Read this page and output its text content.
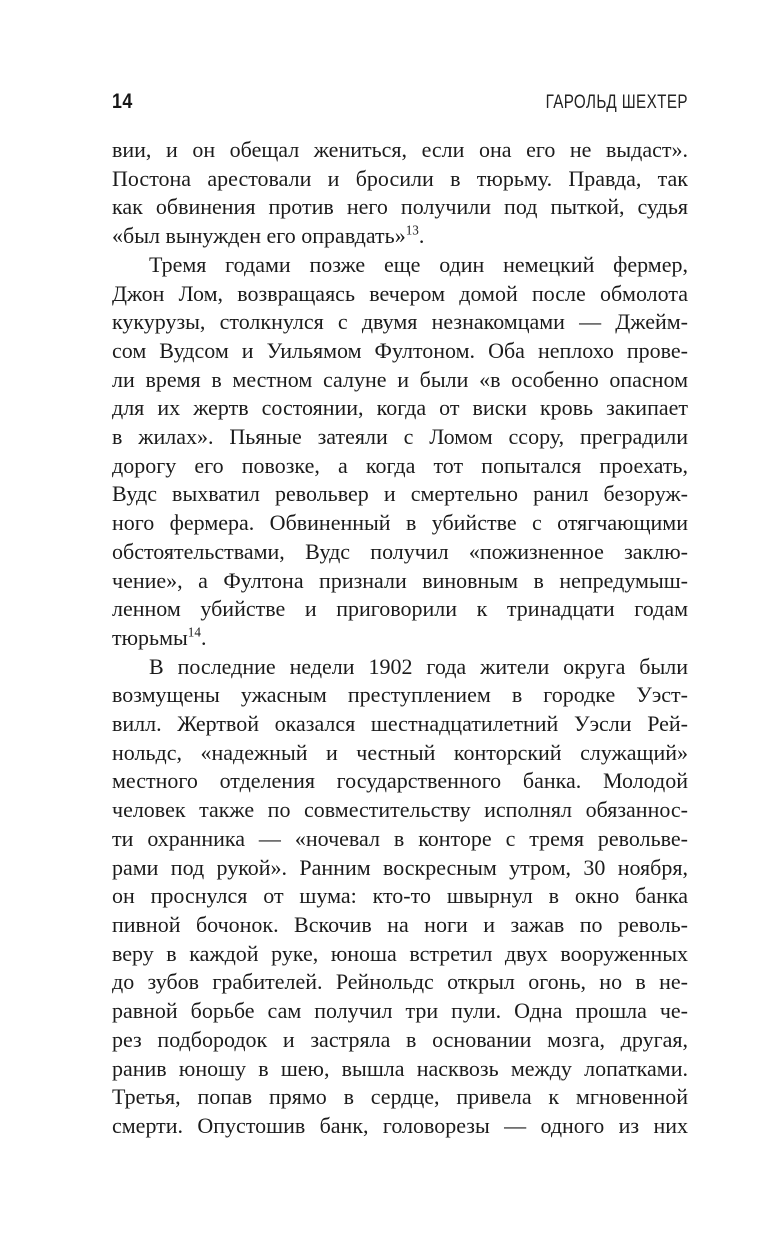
14	ГАРОЛЬД ШЕХТЕР
вии, и он обещал жениться, если она его не выдаст».
Постона арестовали и бросили в тюрьму. Правда, так
как обвинения против него получили под пыткой, судья
«был вынужден его оправдать»$^{13}$.
Тремя годами позже еще один немецкий фермер,
Джон Лом, возвращаясь вечером домой после обмолота
кукурузы, столкнулся с двумя незнакомцами — Джейм-
сом Вудсом и Уильямом Фултоном. Оба неплохо прове-
ли время в местном салуне и были «в особенно опасном
для их жертв состоянии, когда от виски кровь закипает
в жилах». Пьяные затеяли с Ломом ссору, преградили
дорогу его повозке, а когда тот попытался проехать,
Вудс выхватил револьвер и смертельно ранил безоруж-
ного фермера. Обвиненный в убийстве с отягчающими
обстоятельствами, Вудс получил «пожизненное заклю-
чение», а Фултона признали виновным в непредумыш-
ленном убийстве и приговорили к тринадцати годам
тюрьмы$^{14}$.
В последние недели 1902 года жители округа были
возмущены ужасным преступлением в городке Уэст-
вилл. Жертвой оказался шестнадцатилетний Уэсли Рей-
нольдс, «надежный и честный конторский служащий»
местного отделения государственного банка. Молодой
человек также по совместительству исполнял обязаннос-
ти охранника — «ночевал в конторе с тремя револьве-
рами под рукой». Ранним воскресным утром, 30 ноября,
он проснулся от шума: кто-то швырнул в окно банка
пивной бочонок. Вскочив на ноги и зажав по револь-
веру в каждой руке, юноша встретил двух вооруженных
до зубов грабителей. Рейнольдс открыл огонь, но в не-
равной борьбе сам получил три пули. Одна прошла че-
рез подбородок и застряла в основании мозга, другая,
ранив юношу в шею, вышла насквозь между лопатками.
Третья, попав прямо в сердце, привела к мгновенной
смерти. Опустошив банк, головорезы — одного из них
